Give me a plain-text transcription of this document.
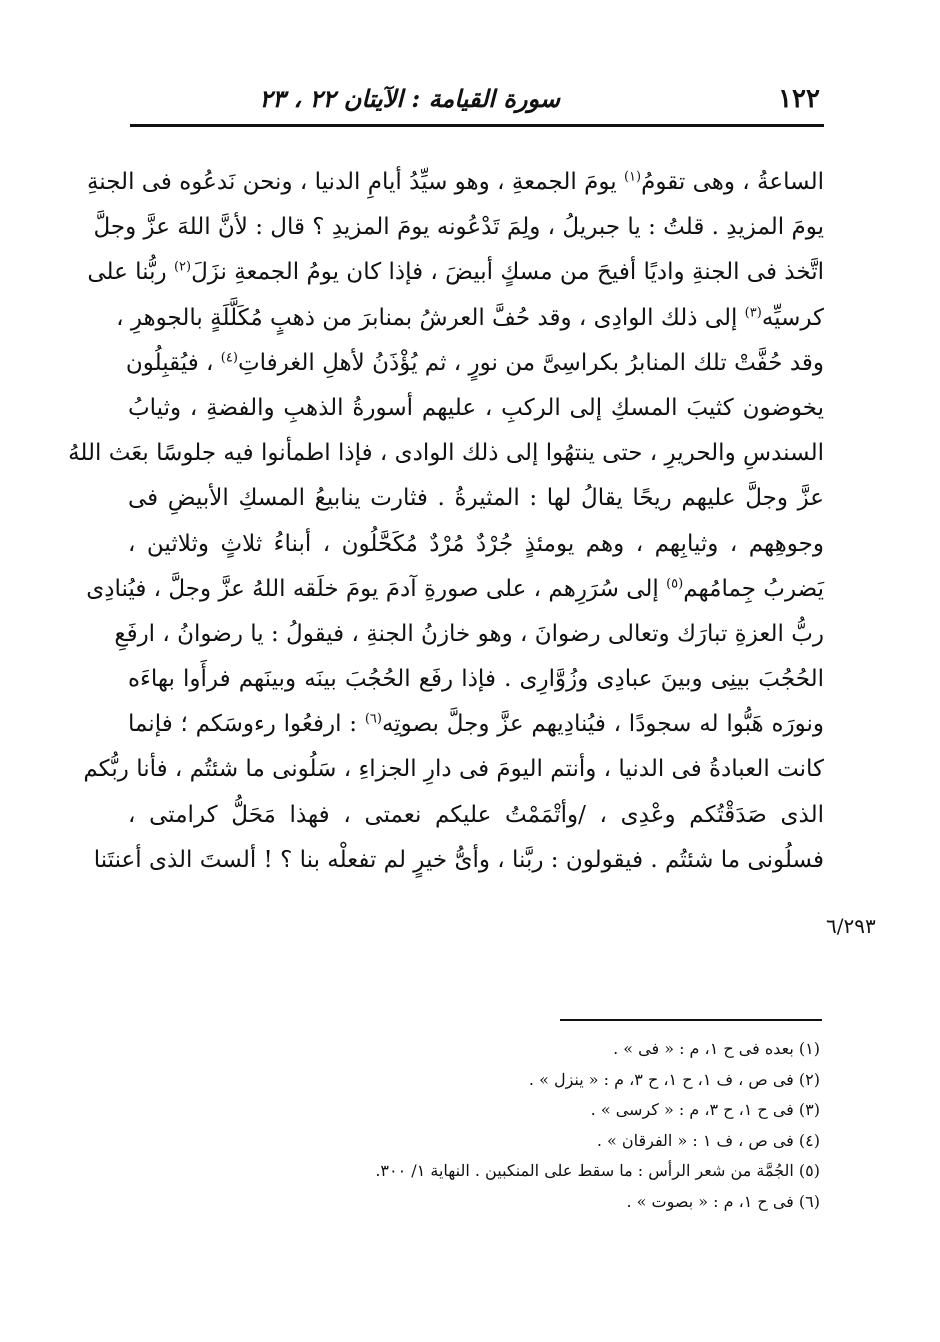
١٢٢
سورة القيامة : الآيتان ٢٢ ، ٢٣
الساعةُ ، وهى تقومُ$^{(١)}$ يومَ الجمعةِ ، وهو سيِّدُ أيامِ الدنيا ، ونحن نَدعُوه فى الجنةِ
يومَ المزيدِ . قلتُ : يا جبريلُ ، ولِمَ تَدْعُونه يومَ المزيدِ ؟ قال : لأنَّ اللهَ عزَّ وجلَّ
اتَّخذ فى الجنةِ واديًا أفيحَ من مسكٍ أبيضَ ، فإذا كان يومُ الجمعةِ نزَلَ$^{(٢)}$ ربُّنا على
كرسيِّه$^{(٣)}$ إلى ذلك الوادِى ، وقد حُفَّ العرشُ بمنابرَ من ذهبٍ مُكَلَّلَةٍ بالجوهرِ ،
وقد حُفَّتْ تلك المنابرُ بكراسِىَّ من نورٍ ، ثم يُؤْذَنُ لأهلِ الغرفاتِ$^{(٤)}$ ، فيُقبِلُون
يخوضون كثيبَ المسكِ إلى الركبِ ، عليهم أسورةُ الذهبِ والفضةِ ، وثيابُ
السندسِ والحريرِ ، حتى ينتهُوا إلى ذلك الوادى ، فإذا اطمأنوا فيه جلوسًا بعَث اللهُ
عزَّ وجلَّ عليهم ريحًا يقالُ لها : المثيرةُ . فثارت ينابيعُ المسكِ الأبيضِ فى
وجوهِهم ، وثيابِهم ، وهم يومئذٍ جُرْدٌ مُرْدٌ مُكَحَّلُون ، أبناءُ ثلاثٍ وثلاثين ،
يَضربُ جِمامُهم$^{(٥)}$ إلى سُرَرِهم ، على صورةِ آدمَ يومَ خلَقه اللهُ عزَّ وجلَّ ، فيُنادِى
ربُّ العزةِ تبارَك وتعالى رضوانَ ، وهو خازنُ الجنةِ ، فيقولُ : يا رضوانُ ، ارفَعِ
الحُجُبَ بينِى وبينَ عبادِى وزُوَّارِى . فإذا رفَع الحُجُبَ بينَه وبينَهم فرأَوا بهاءَه
ونورَه هَبُّوا له سجودًا ، فيُنادِيهم عزَّ وجلَّ بصوتِه$^{(٦)}$ : ارفعُوا رءوسَكم ؛ فإنما
كانت العبادةُ فى الدنيا ، وأنتم اليومَ فى دارِ الجزاءِ ، سَلُونى ما شئتُم ، فأنا ربُّكم
الذى صَدَقْتُكم وعْدِى ، /وأتْمَمْتُ عليكم نعمتى ، فهذا مَحَلُّ كرامتى ،
فسلُونى ما شئتُم . فيقولون : ربَّنا ، وأىُّ خيرٍ لم تفعلْه بنا ؟ ! ألستَ الذى أعنتَنا
٦/٢٩٣
(١) بعده فى ح ١، م : « فى » .
(٢) فى ص ، ف ١، ح ١، ح ٣، م : « ينزل » .
(٣) فى ح ١، ح ٣، م : « كرسى » .
(٤) فى ص ، ف ١ : « الفرقان » .
(٥) الجُمَّة من شعر الرأس : ما سقط على المنكبين . النهاية ١/ ٣٠٠.
(٦) فى ح ١، م : « بصوت » .
